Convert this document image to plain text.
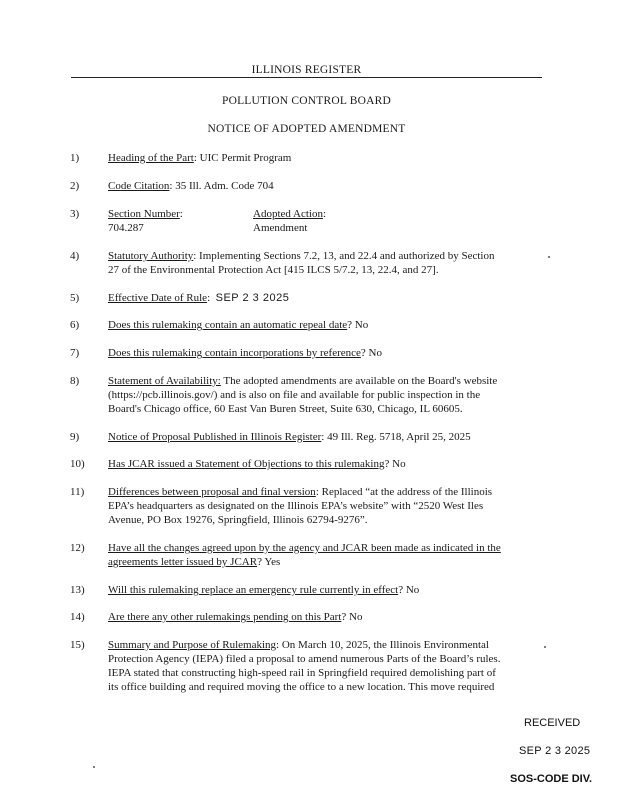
ILLINOIS REGISTER
POLLUTION CONTROL BOARD
NOTICE OF ADOPTED AMENDMENT
1)	Heading of the Part: UIC Permit Program
2)	Code Citation: 35 Ill. Adm. Code 704
3)	Section Number:	Adopted Action:
704.287	Amendment
4)	Statutory Authority: Implementing Sections 7.2, 13, and 22.4 and authorized by Section
27 of the Environmental Protection Act [415 ILCS 5/7.2, 13, 22.4, and 27].
5)	Effective Date of Rule: SEP 2 3 2025
6)	Does this rulemaking contain an automatic repeal date? No
7)	Does this rulemaking contain incorporations by reference? No
8)	Statement of Availability: The adopted amendments are available on the Board's website
(https://pcb.illinois.gov/) and is also on file and available for public inspection in the
Board's Chicago office, 60 East Van Buren Street, Suite 630, Chicago, IL 60605.
9)	Notice of Proposal Published in Illinois Register: 49 Ill. Reg. 5718, April 25, 2025
10)	Has JCAR issued a Statement of Objections to this rulemaking? No
11)	Differences between proposal and final version: Replaced “at the address of the Illinois
EPA’s headquarters as designated on the Illinois EPA’s website” with “2520 West Iles
Avenue, PO Box 19276, Springfield, Illinois 62794-9276”.
12)	Have all the changes agreed upon by the agency and JCAR been made as indicated in the
agreements letter issued by JCAR? Yes
13)	Will this rulemaking replace an emergency rule currently in effect? No
14)	Are there any other rulemakings pending on this Part? No
15)	Summary and Purpose of Rulemaking: On March 10, 2025, the Illinois Environmental
Protection Agency (IEPA) filed a proposal to amend numerous Parts of the Board’s rules.
IEPA stated that constructing high-speed rail in Springfield required demolishing part of
its office building and required moving the office to a new location. This move required
RECEIVED
SEP 2 3 2025
SOS-CODE DIV.
